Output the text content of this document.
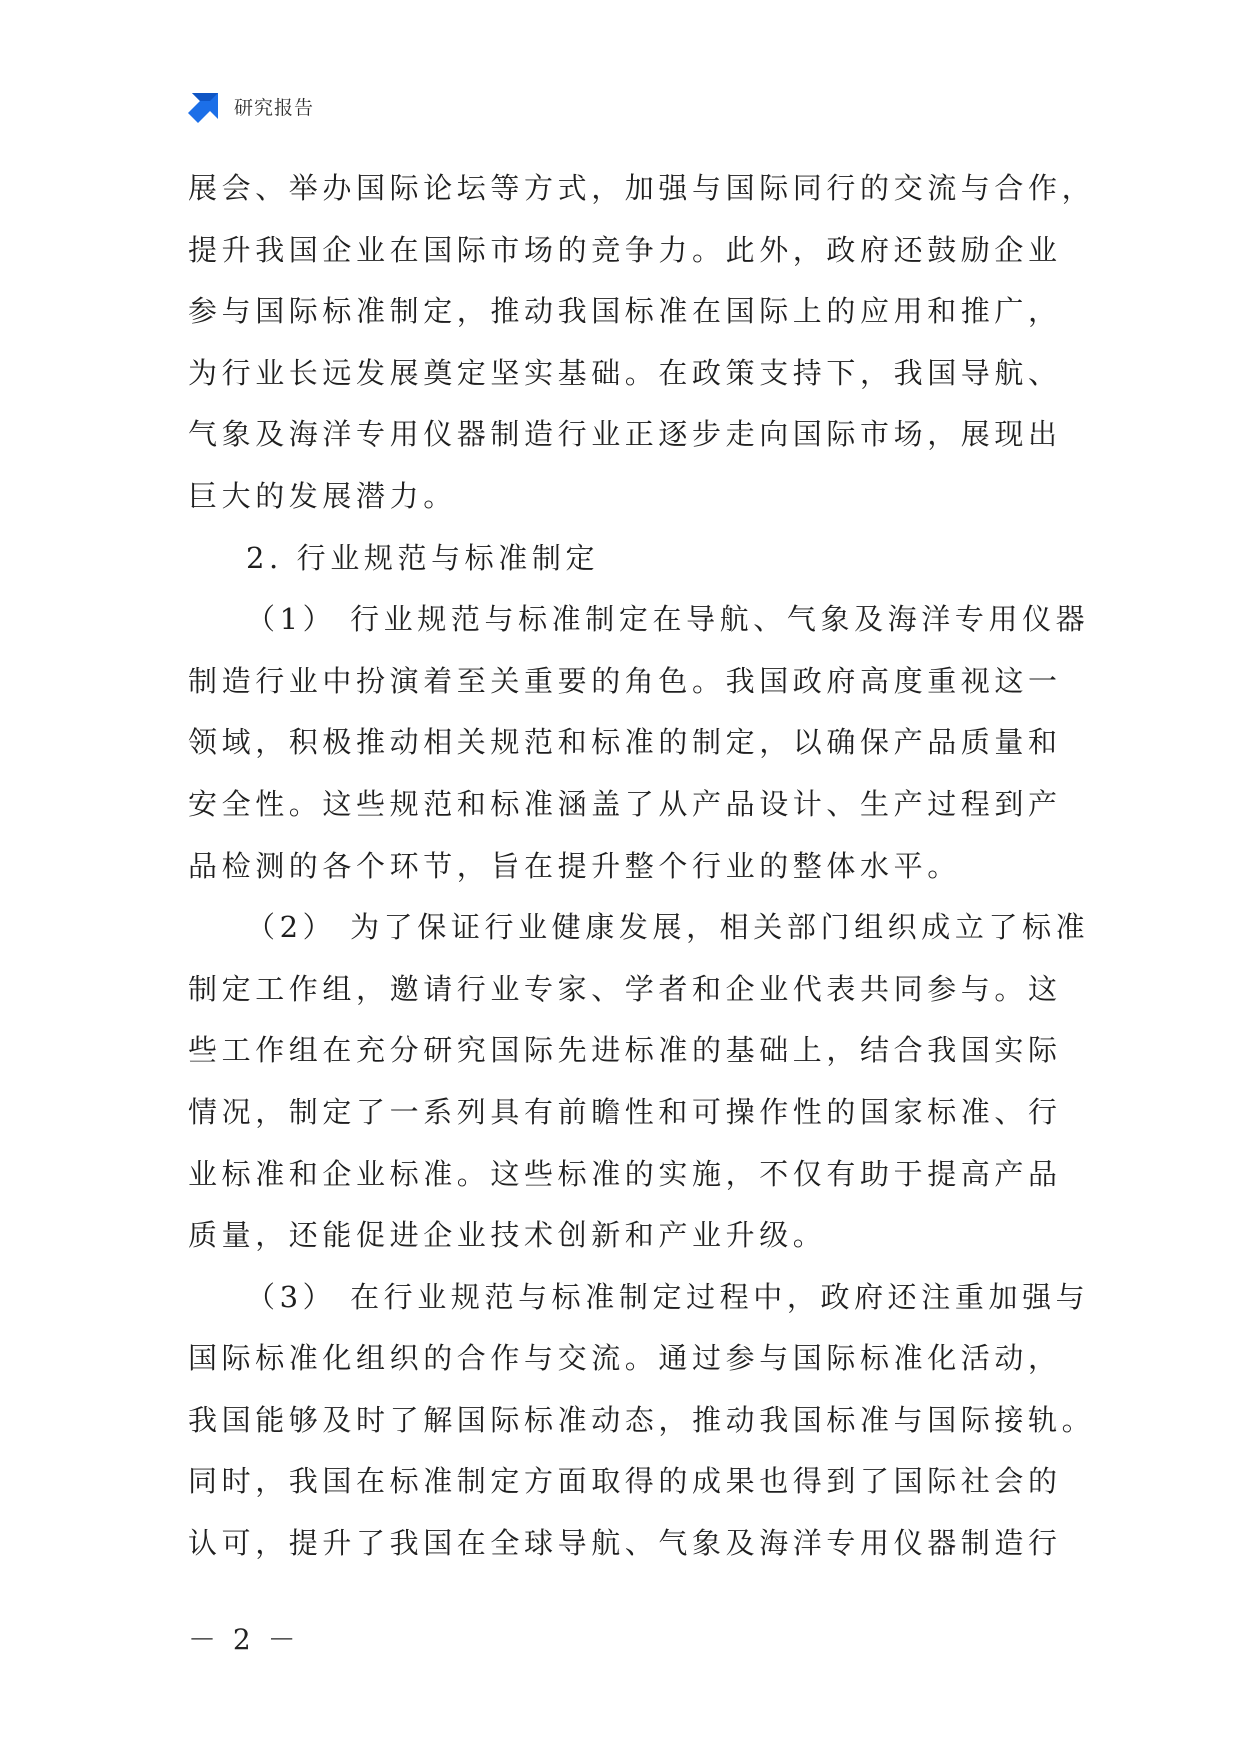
研究报告
展会、举办国际论坛等方式，加强与国际同行的交流与合作，
提升我国企业在国际市场的竞争力。此外，政府还鼓励企业
参与国际标准制定，推动我国标准在国际上的应用和推广，
为行业长远发展奠定坚实基础。在政策支持下，我国导航、
气象及海洋专用仪器制造行业正逐步走向国际市场，展现出
巨大的发展潜力。
2. 行业规范与标准制定
（1） 行业规范与标准制定在导航、气象及海洋专用仪器
制造行业中扮演着至关重要的角色。我国政府高度重视这一
领域，积极推动相关规范和标准的制定，以确保产品质量和
安全性。这些规范和标准涵盖了从产品设计、生产过程到产
品检测的各个环节，旨在提升整个行业的整体水平。
（2） 为了保证行业健康发展，相关部门组织成立了标准
制定工作组，邀请行业专家、学者和企业代表共同参与。这
些工作组在充分研究国际先进标准的基础上，结合我国实际
情况，制定了一系列具有前瞻性和可操作性的国家标准、行
业标准和企业标准。这些标准的实施，不仅有助于提高产品
质量，还能促进企业技术创新和产业升级。
（3） 在行业规范与标准制定过程中，政府还注重加强与
国际标准化组织的合作与交流。通过参与国际标准化活动，
我国能够及时了解国际标准动态，推动我国标准与国际接轨。
同时，我国在标准制定方面取得的成果也得到了国际社会的
认可，提升了我国在全球导航、气象及海洋专用仪器制造行
－ 2 －
